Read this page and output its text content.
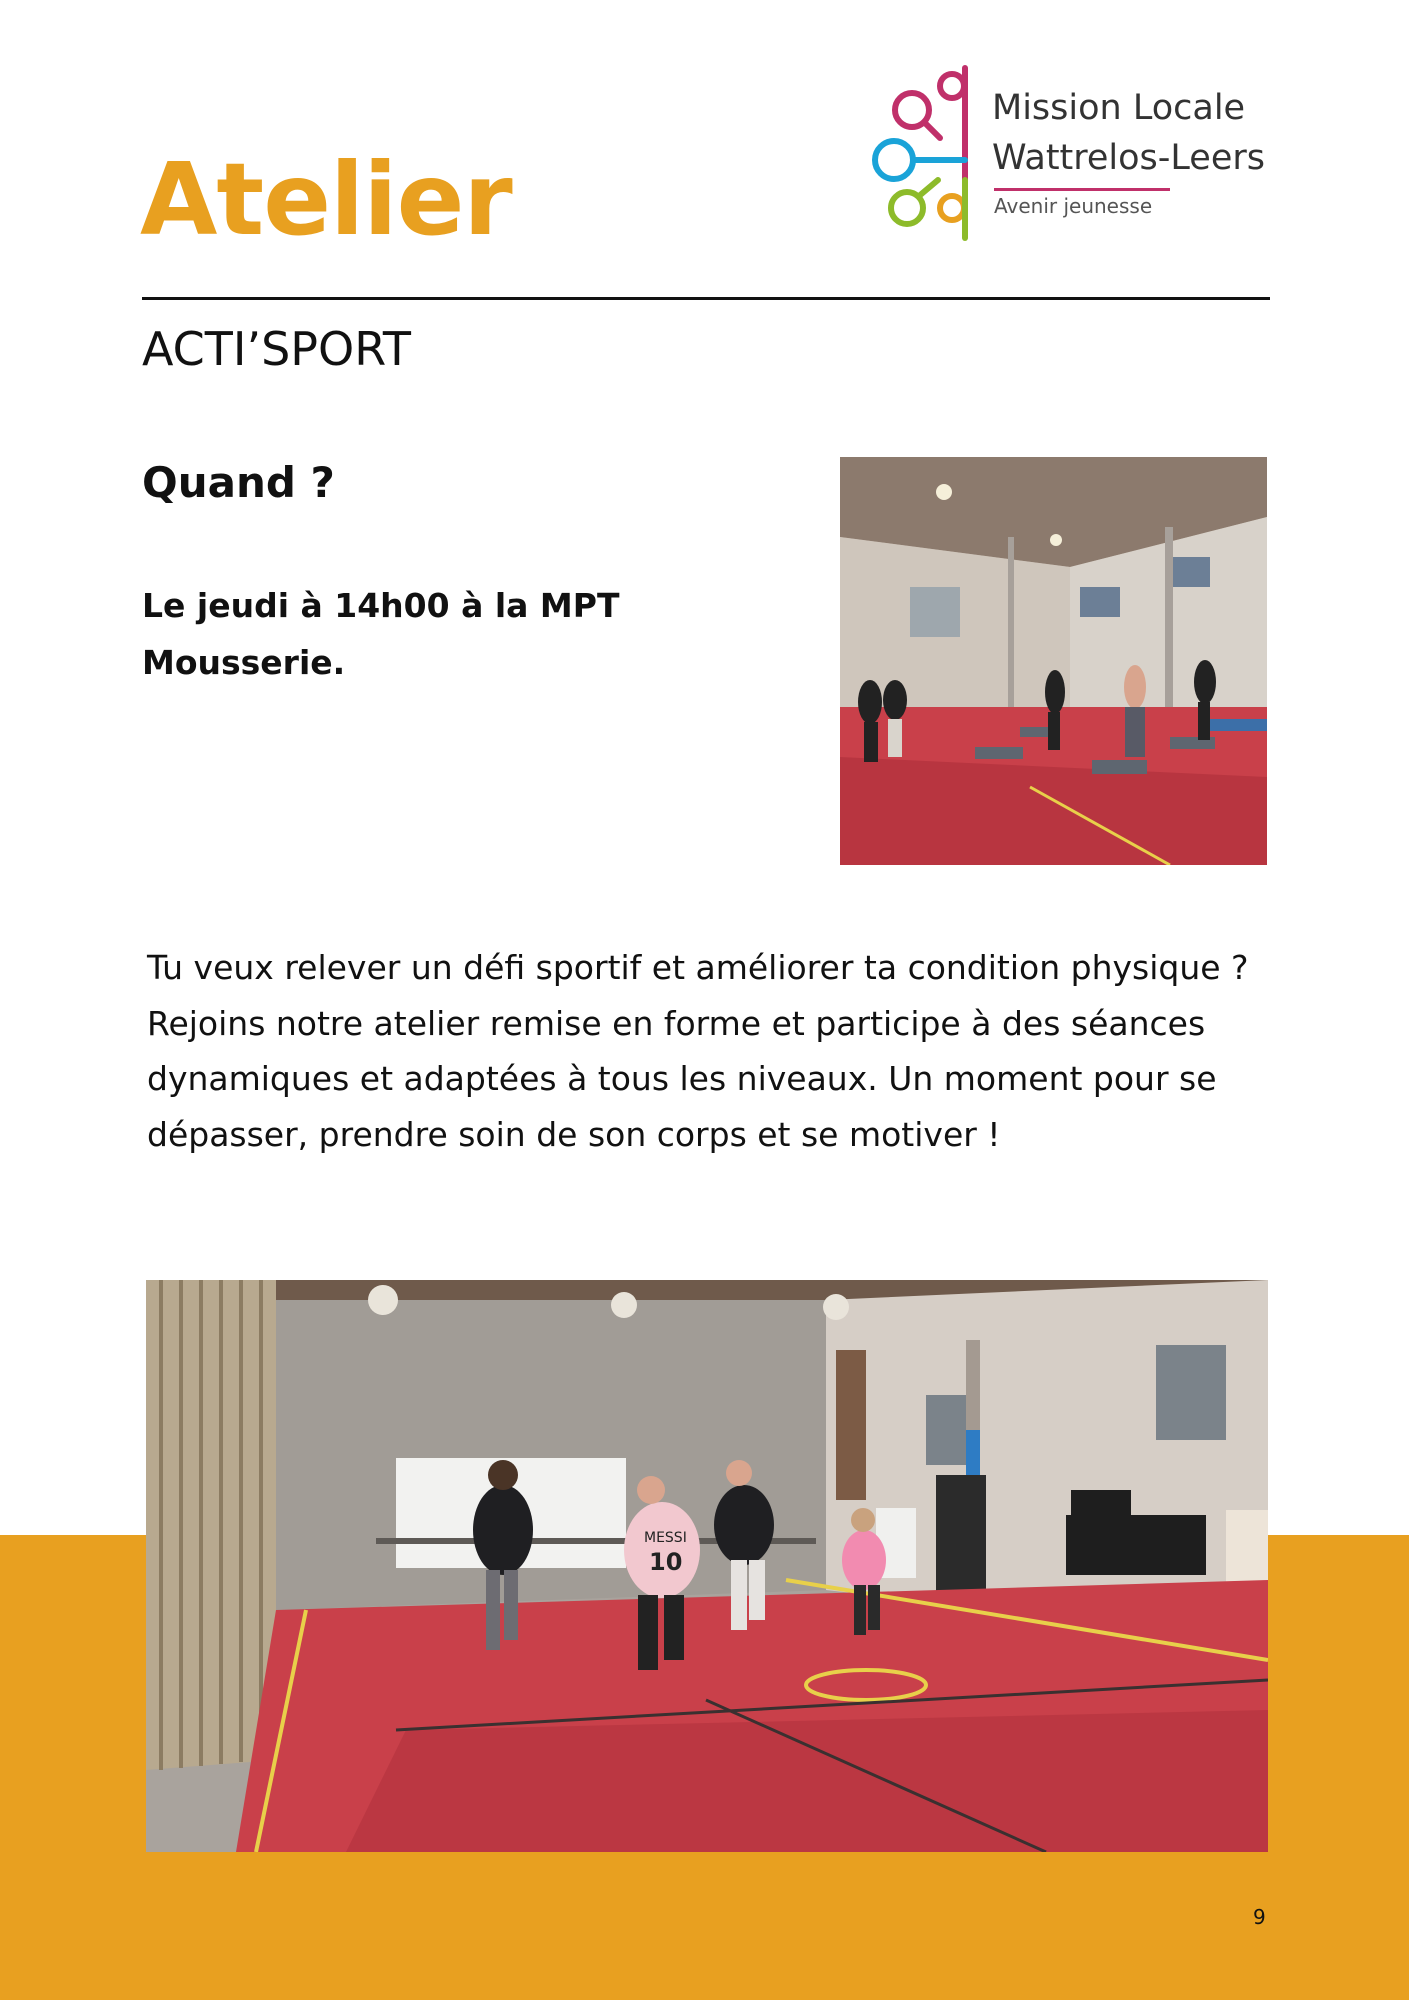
Atelier
Mission Locale
Wattrelos-Leers
Avenir jeunesse
ACTI’SPORT
Quand ?
Le jeudi à 14h00 à la MPT Mousserie.
Tu veux relever un défi sportif et améliorer ta condition physique ? Rejoins notre atelier remise en forme et participe à des séances dynamiques et adaptées à tous les niveaux. Un moment pour se dépasser, prendre soin de son corps et se motiver !
MESSI
10
9
